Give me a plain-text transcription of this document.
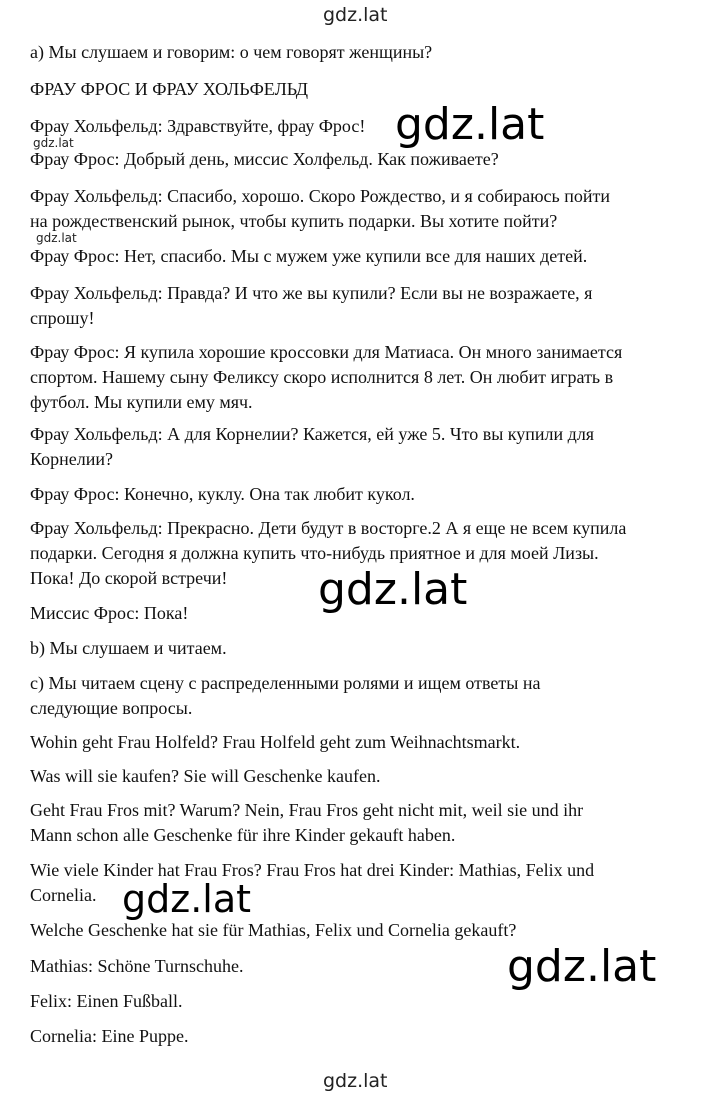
gdz.lat
gdz.lat

а) Мы слушаем и говорим: о чем говорят женщины?

ФРАУ ФРОС И ФРАУ ХОЛЬФЕЛЬД

Фрау Хольфельд: Здравствуйте, фрау Фрос!

Фрау Фрос: Добрый день, миссис Холфельд. Как поживаете?

Фрау Хольфельд: Спасибо, хорошо. Скоро Рождество, и я собираюсь пойти
на рождественский рынок, чтобы купить подарки. Вы хотите пойти?

Фрау Фрос: Нет, спасибо. Мы с мужем уже купили все для наших детей.

Фрау Хольфельд: Правда? И что же вы купили? Если вы не возражаете, я
спрошу!

Фрау Фрос: Я купила хорошие кроссовки для Матиаса. Он много занимается
спортом. Нашему сыну Феликсу скоро исполнится 8 лет. Он любит играть в
футбол. Мы купили ему мяч.

Фрау Хольфельд: А для Корнелии? Кажется, ей уже 5. Что вы купили для
Корнелии?

Фрау Фрос: Конечно, куклу. Она так любит кукол.

Фрау Хольфельд: Прекрасно. Дети будут в восторге.2 А я еще не всем купила
подарки. Сегодня я должна купить что-нибудь приятное и для моей Лизы.
Пока! До скорой встречи!

Миссис Фрос: Пока!

b) Мы слушаем и читаем.

с) Мы читаем сцену с распределенными ролями и ищем ответы на
следующие вопросы.

Wohin geht Frau Holfeld? Frau Holfeld geht zum Weihnachtsmarkt.

Was will sie kaufen? Sie will Geschenke kaufen.

Geht Frau Fros mit? Warum? Nein, Frau Fros geht nicht mit, weil sie und ihr
Mann schon alle Geschenke für ihre Kinder gekauft haben.

Wie viele Kinder hat Frau Fros? Frau Fros hat drei Kinder: Mathias, Felix und
Cornelia.

Welche Geschenke hat sie für Mathias, Felix und Cornelia gekauft?

Mathias: Schöne Turnschuhe.

Felix: Einen Fußball.

Cornelia: Eine Puppe.

gdz.lat
gdz.lat
gdz.lat
gdz.lat
gdz.lat
gdz.lat
